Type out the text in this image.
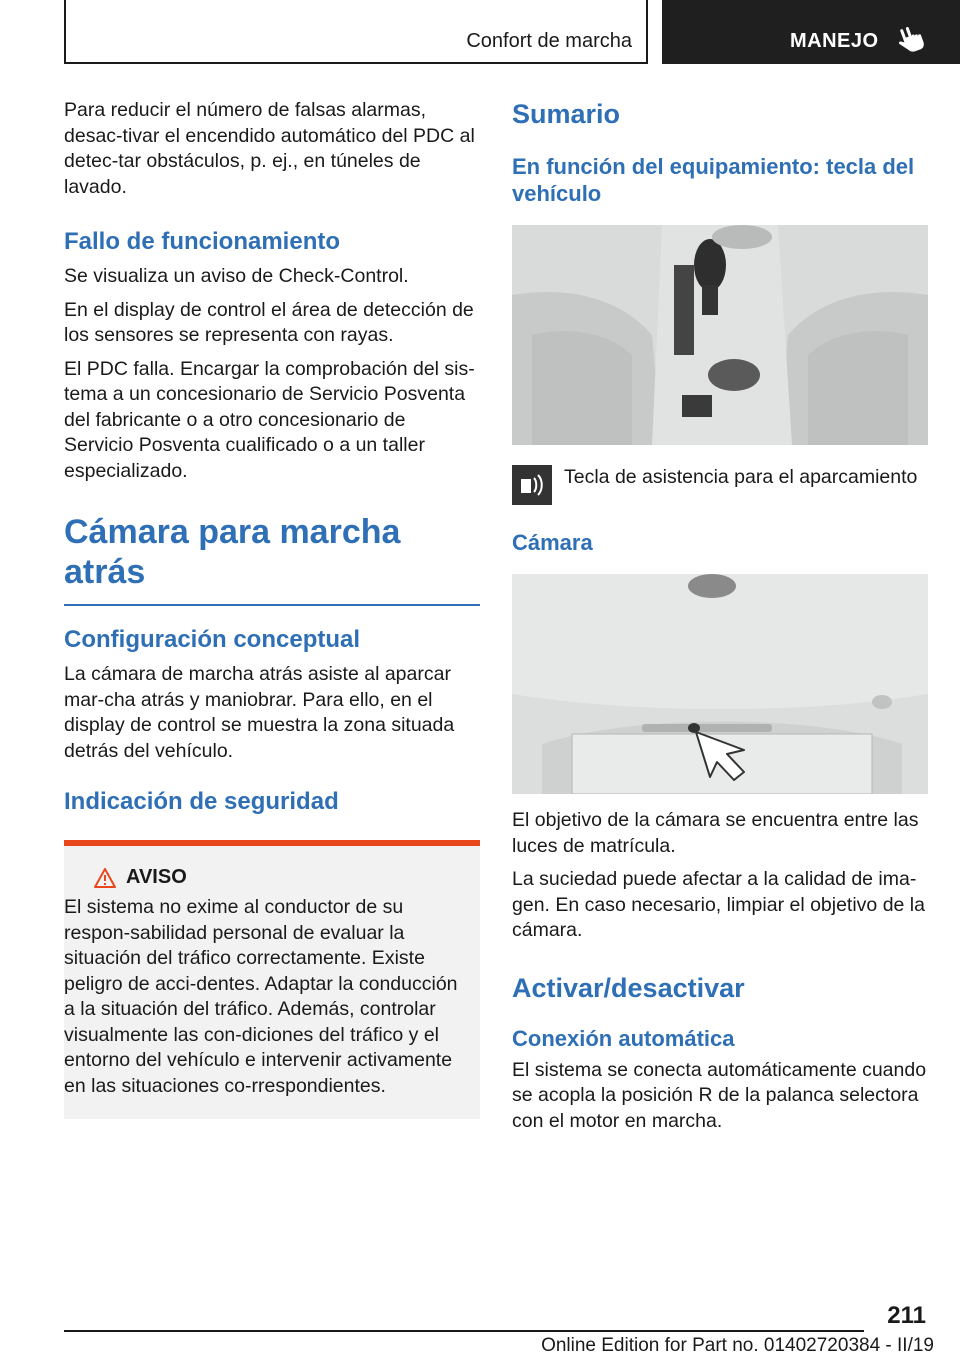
Confort de marcha	MANEJO

Para reducir el número de falsas alarmas, desac‐tivar el encendido automático del PDC al detec‐tar obstáculos, p. ej., en túneles de lavado.

Fallo de funcionamiento

Se visualiza un aviso de Check-Control.

En el display de control el área de detección de los sensores se representa con rayas.

El PDC falla. Encargar la comprobación del sis‐tema a un concesionario de Servicio Posventa del fabricante o a otro concesionario de Servicio Posventa cualificado o a un taller especializado.

Cámara para marcha atrás
Configuración conceptual

La cámara de marcha atrás asiste al aparcar mar‐cha atrás y maniobrar. Para ello, en el display de control se muestra la zona situada detrás del vehículo.

Indicación de seguridad
AVISO

El sistema no exime al conductor de su respon‐sabilidad personal de evaluar la situación del tráfico correctamente. Existe peligro de acci‐dentes. Adaptar la conducción a la situación del tráfico. Además, controlar visualmente las con‐diciones del tráfico y el entorno del vehículo e intervenir activamente en las situaciones co‐rrespondientes.

Sumario
En función del equipamiento: tecla del vehículo

Tecla de asistencia para el aparcamiento

Cámara

El objetivo de la cámara se encuentra entre las luces de matrícula.

La suciedad puede afectar a la calidad de ima‐gen. En caso necesario, limpiar el objetivo de la cámara.

Activar/desactivar
Conexión automática

El sistema se conecta automáticamente cuando se acopla la posición R de la palanca selectora con el motor en marcha.

211
Online Edition for Part no. 01402720384 - II/19
